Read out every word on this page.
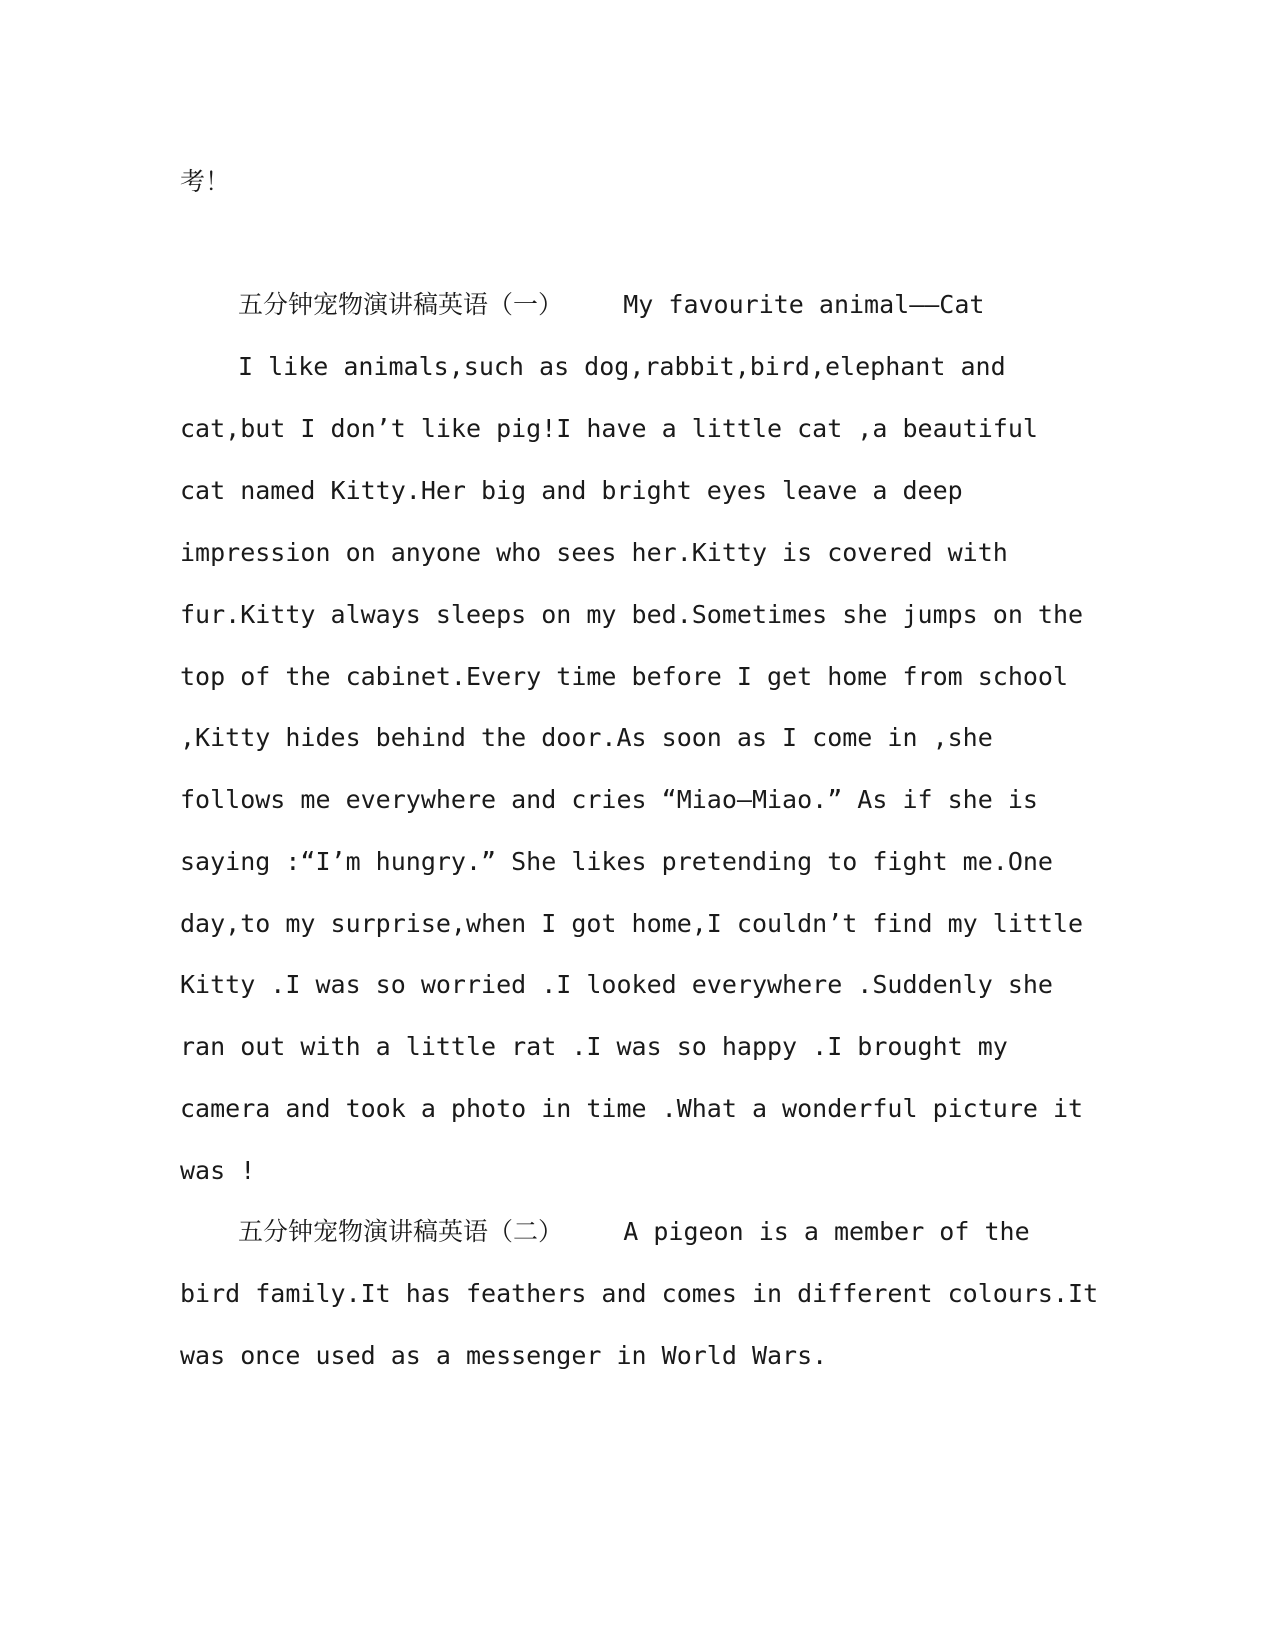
考！
五分钟宠物演讲稿英语（一） My favourite animal——Cat
I like animals,such as dog,rabbit,bird,elephant and
cat,but I don’t like pig!I have a little cat ,a beautiful
cat named Kitty.Her big and bright eyes leave a deep
impression on anyone who sees her.Kitty is covered with
fur.Kitty always sleeps on my bed.Sometimes she jumps on the
top of the cabinet.Every time before I get home from school
,Kitty hides behind the door.As soon as I come in ,she
follows me everywhere and cries “Miao—Miao.” As if she is
saying :“I’m hungry.” She likes pretending to fight me.One
day,to my surprise,when I got home,I couldn’t find my little
Kitty .I was so worried .I looked everywhere .Suddenly she
ran out with a little rat .I was so happy .I brought my
camera and took a photo in time .What a wonderful picture it
was !
五分钟宠物演讲稿英语（二） A pigeon is a member of the
bird family.It has feathers and comes in different colours.It
was once used as a messenger in World Wars.
